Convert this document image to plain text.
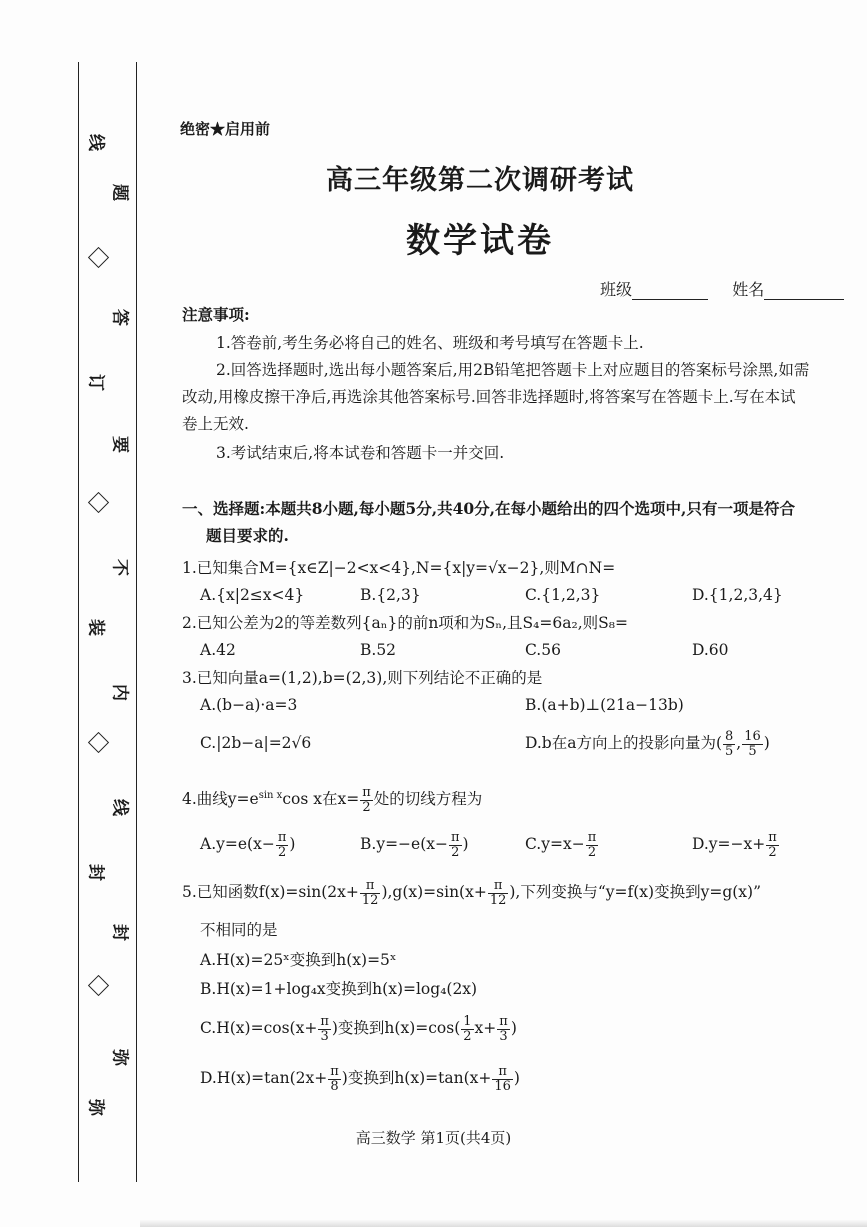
线
订
装
封
弥
题
答
要
不
内
线
封
弥
绝密★启用前
高三年级第二次调研考试
数学试卷
班级	姓名
注意事项:
1.答卷前,考生务必将自己的姓名、班级和考号填写在答题卡上.
2.回答选择题时,选出每小题答案后,用2B铅笔把答题卡上对应题目的答案标号涂黑,如需
改动,用橡皮擦干净后,再选涂其他答案标号.回答非选择题时,将答案写在答题卡上.写在本试
卷上无效.
3.考试结束后,将本试卷和答题卡一并交回.
一、选择题:本题共8小题,每小题5分,共40分,在每小题给出的四个选项中,只有一项是符合
题目要求的.
1.已知集合M={x∈Z|−2<x<4},N={x|y=√x−2},则M∩N=
A.{x|2≤x<4}	B.{2,3}	C.{1,2,3}	D.{1,2,3,4}
2.已知公差为2的等差数列{aₙ}的前n项和为Sₙ,且S₄=6a₂,则S₈=
A.42	B.52	C.56	D.60
3.已知向量a=(1,2),b=(2,3),则下列结论不正确的是
A.(b−a)·a=3	B.(a+b)⊥(21a−13b)
C.|2b−a|=2√6	D.b在a方向上的投影向量为( $\frac{8}{5}$ , $\frac{16}{5}$ )
4.曲线$y=e^{sin x}\cos$ x在$x= \frac{\pi}{2}$ 处的切线方程为
$A.y=e(x- \frac{\pi}{2}$ )	$B.y=-e(x- \frac{\pi}{2}$ )	$C.y=x- \frac{\pi}{2}$	$D.y=-x+ \frac{\pi}{2}$
5.已知函数$f(x)=\sin(2x+ \frac{\pi}{12} ),g(x)=\sin(x+ \frac{\pi}{12}$ ),下列变换与“y=f(x)变换到y=g(x)”
不相同的是
A.H(x)=25ˣ变换到h(x)=5ˣ
B.H(x)=1+log₄x变换到h(x)=log₄(2x)
$C.H(x)=\cos(x+ \frac{\pi}{3}$ )变换到$h(x)=\cos( \frac{1}{2} x+ \frac{\pi}{3}$ )
$D.H(x)=\tan(2x+ \frac{\pi}{8}$ )变换到$h(x)=\tan(x+ \frac{\pi}{16}$ )
高三数学 第1页(共4页)
